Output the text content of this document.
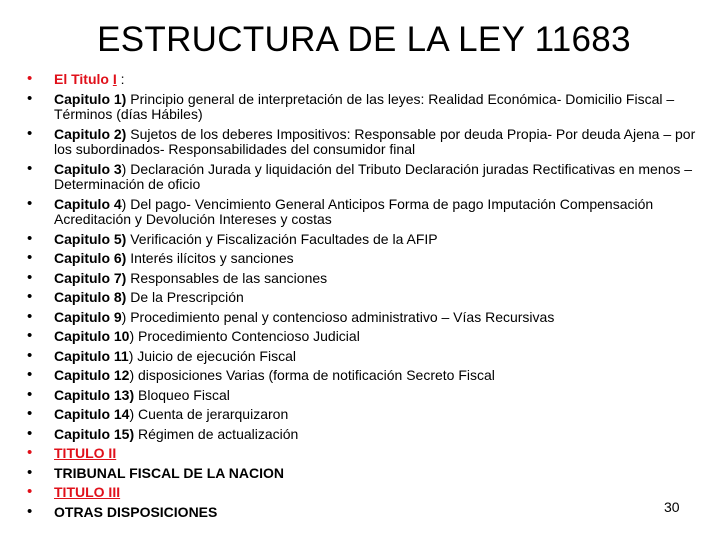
ESTRUCTURA DE LA LEY 11683
• El Titulo I :
• Capitulo 1) Principio general de interpretación de las leyes: Realidad Económica- Domicilio Fiscal – Términos (días Hábiles)
• Capitulo 2) Sujetos de los deberes Impositivos: Responsable por deuda Propia- Por deuda Ajena – por los subordinados- Responsabilidades del consumidor final
• Capitulo 3) Declaración Jurada y liquidación del Tributo Declaración juradas Rectificativas en menos – Determinación de oficio
• Capitulo 4) Del pago- Vencimiento General Anticipos Forma de pago Imputación Compensación Acreditación y Devolución Intereses y costas
• Capitulo 5) Verificación y Fiscalización Facultades de la AFIP
• Capitulo 6) Interés ilícitos y sanciones
• Capitulo 7) Responsables de las sanciones
• Capitulo 8) De la Prescripción
• Capitulo 9) Procedimiento penal y contencioso administrativo – Vías Recursivas
• Capitulo 10) Procedimiento Contencioso Judicial
• Capitulo 11) Juicio de ejecución Fiscal
• Capitulo 12) disposiciones Varias (forma de notificación Secreto Fiscal
• Capitulo 13) Bloqueo Fiscal
• Capitulo 14) Cuenta de jerarquizaron
• Capitulo 15) Régimen de actualización
• TITULO II
• TRIBUNAL FISCAL DE LA NACION
• TITULO III
• OTRAS DISPOSICIONES	30
